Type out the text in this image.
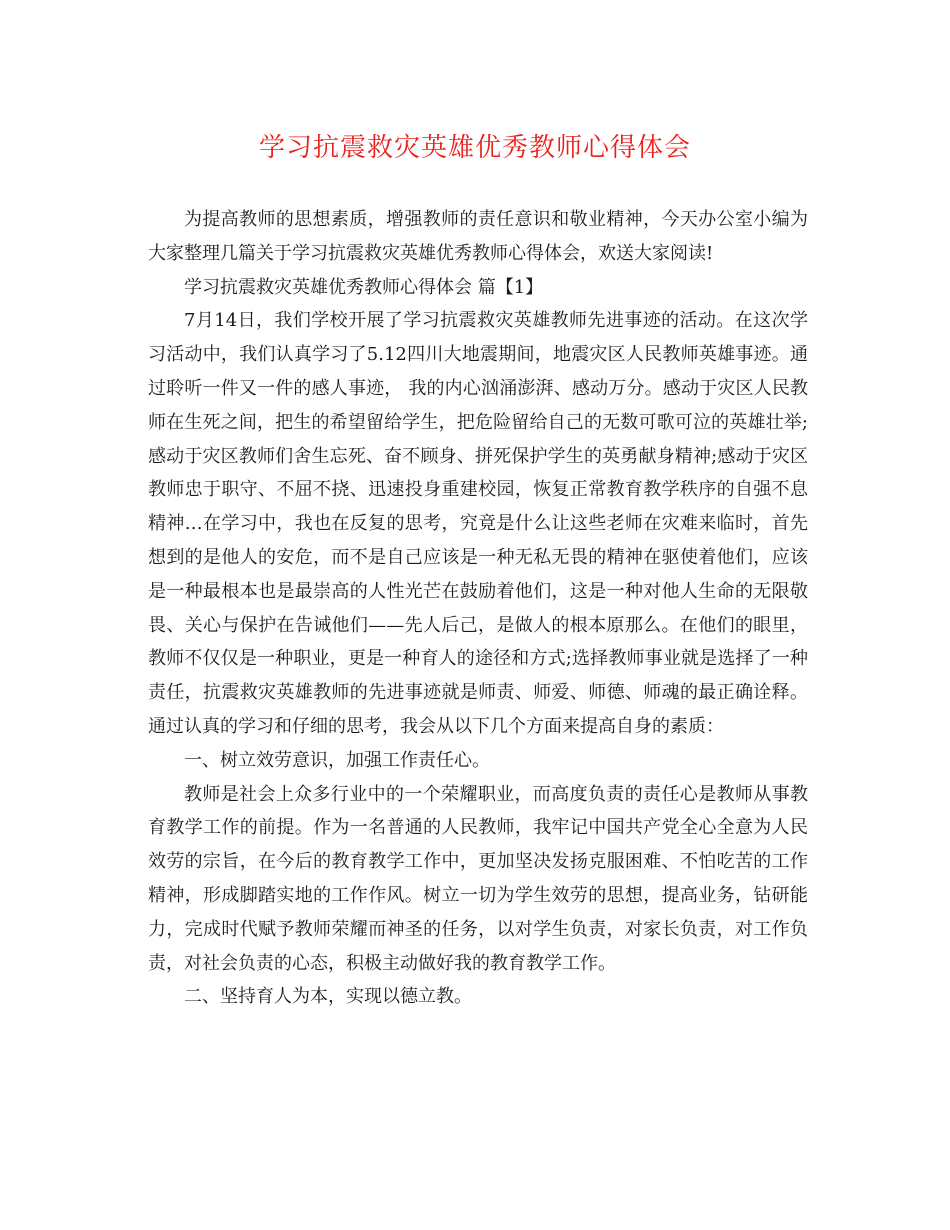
学习抗震救灾英雄优秀教师心得体会

为提高教师的思想素质，增强教师的责任意识和敬业精神，今天办公室小编为大家整理几篇关于学习抗震救灾英雄优秀教师心得体会，欢送大家阅读!

学习抗震救灾英雄优秀教师心得体会 篇【1】

7月14日，我们学校开展了学习抗震救灾英雄教师先进事迹的活动。在这次学习活动中，我们认真学习了5.12四川大地震期间，地震灾区人民教师英雄事迹。通过聆听一件又一件的感人事迹， 我的内心汹涌澎湃、感动万分。感动于灾区人民教师在生死之间，把生的希望留给学生，把危险留给自己的无数可歌可泣的英雄壮举;感动于灾区教师们舍生忘死、奋不顾身、拼死保护学生的英勇献身精神;感动于灾区教师忠于职守、不屈不挠、迅速投身重建校园，恢复正常教育教学秩序的自强不息精神…在学习中，我也在反复的思考，究竟是什么让这些老师在灾难来临时，首先想到的是他人的安危，而不是自己应该是一种无私无畏的精神在驱使着他们，应该是一种最根本也是最崇高的人性光芒在鼓励着他们，这是一种对他人生命的无限敬畏、关心与保护在告诫他们——先人后己，是做人的根本原那么。在他们的眼里，教师不仅仅是一种职业，更是一种育人的途径和方式;选择教师事业就是选择了一种责任，抗震救灾英雄教师的先进事迹就是师责、师爱、师德、师魂的最正确诠释。 通过认真的学习和仔细的思考，我会从以下几个方面来提高自身的素质：

一、树立效劳意识，加强工作责任心。

教师是社会上众多行业中的一个荣耀职业，而高度负责的责任心是教师从事教育教学工作的前提。作为一名普通的人民教师，我牢记中国共产党全心全意为人民效劳的宗旨，在今后的教育教学工作中，更加坚决发扬克服困难、不怕吃苦的工作精神，形成脚踏实地的工作作风。树立一切为学生效劳的思想，提高业务，钻研能力，完成时代赋予教师荣耀而神圣的任务，以对学生负责，对家长负责，对工作负责，对社会负责的心态，积极主动做好我的教育教学工作。

二、坚持育人为本，实现以德立教。
